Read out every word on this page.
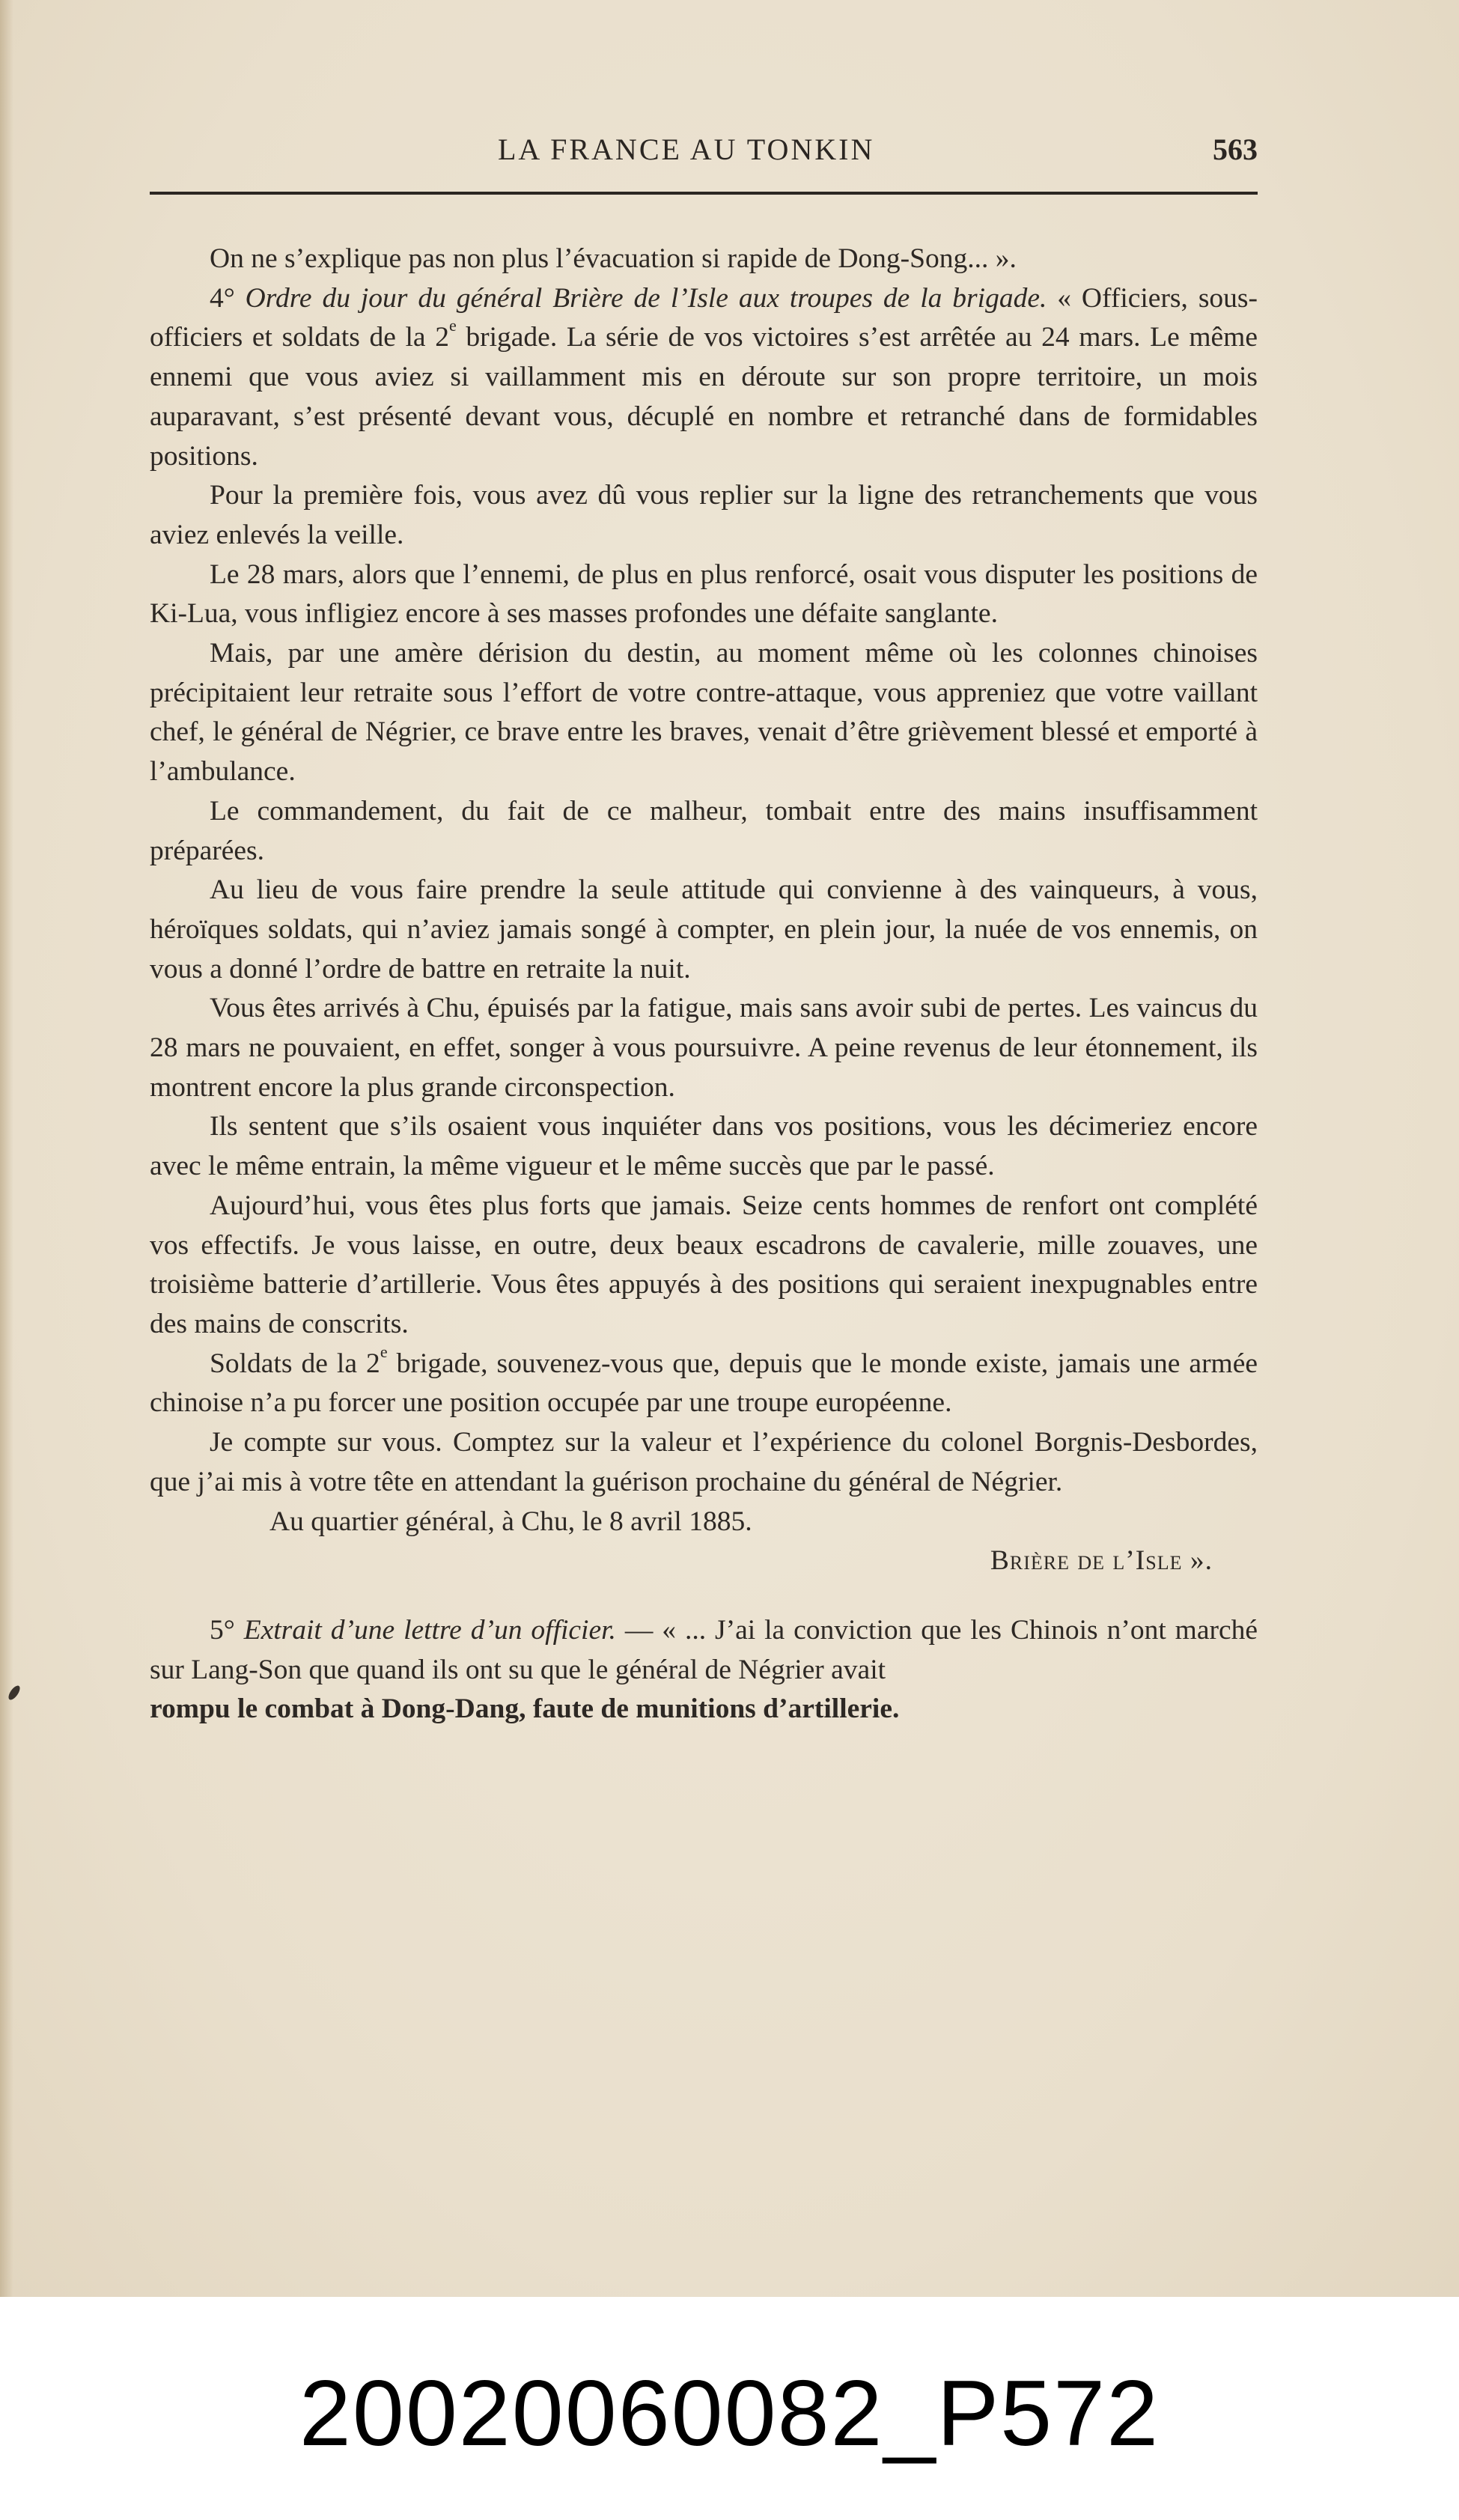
LA FRANCE AU TONKIN	563

On ne s’explique pas non plus l’évacuation si rapide de Dong-Song... ».

4° Ordre du jour du général Brière de l’Isle aux troupes de la brigade. « Officiers, sous-officiers et soldats de la 2e brigade. La série de vos victoires s’est arrêtée au 24 mars. Le même ennemi que vous aviez si vaillamment mis en déroute sur son propre territoire, un mois auparavant, s’est présenté devant vous, décuplé en nombre et retranché dans de formidables positions.

Pour la première fois, vous avez dû vous replier sur la ligne des retranchements que vous aviez enlevés la veille.

Le 28 mars, alors que l’ennemi, de plus en plus renforcé, osait vous disputer les positions de Ki-Lua, vous infligiez encore à ses masses profondes une défaite sanglante.

Mais, par une amère dérision du destin, au moment même où les colonnes chinoises précipitaient leur retraite sous l’effort de votre contre-attaque, vous appreniez que votre vaillant chef, le général de Négrier, ce brave entre les braves, venait d’être grièvement blessé et emporté à l’ambulance.

Le commandement, du fait de ce malheur, tombait entre des mains insuffisamment préparées.

Au lieu de vous faire prendre la seule attitude qui convienne à des vainqueurs, à vous, héroïques soldats, qui n’aviez jamais songé à compter, en plein jour, la nuée de vos ennemis, on vous a donné l’ordre de battre en retraite la nuit.

Vous êtes arrivés à Chu, épuisés par la fatigue, mais sans avoir subi de pertes. Les vaincus du 28 mars ne pouvaient, en effet, songer à vous poursuivre. A peine revenus de leur étonnement, ils montrent encore la plus grande circonspection.

Ils sentent que s’ils osaient vous inquiéter dans vos positions, vous les décimeriez encore avec le même entrain, la même vigueur et le même succès que par le passé.

Aujourd’hui, vous êtes plus forts que jamais. Seize cents hommes de renfort ont complété vos effectifs. Je vous laisse, en outre, deux beaux escadrons de cavalerie, mille zouaves, une troisième batterie d’artillerie. Vous êtes appuyés à des positions qui seraient inexpugnables entre des mains de conscrits.

Soldats de la 2e brigade, souvenez-vous que, depuis que le monde existe, jamais une armée chinoise n’a pu forcer une position occupée par une troupe européenne.

Je compte sur vous. Comptez sur la valeur et l’expérience du colonel Borgnis-Desbordes, que j’ai mis à votre tête en attendant la guérison prochaine du général de Négrier.

Au quartier général, à Chu, le 8 avril 1885.

Brière de l’Isle ».

5° Extrait d’une lettre d’un officier. — « ... J’ai la conviction que les Chinois n’ont marché sur Lang-Son que quand ils ont su que le général de Négrier avait

rompu le combat à Dong-Dang, faute de munitions d’artillerie.

20020060082_P572
